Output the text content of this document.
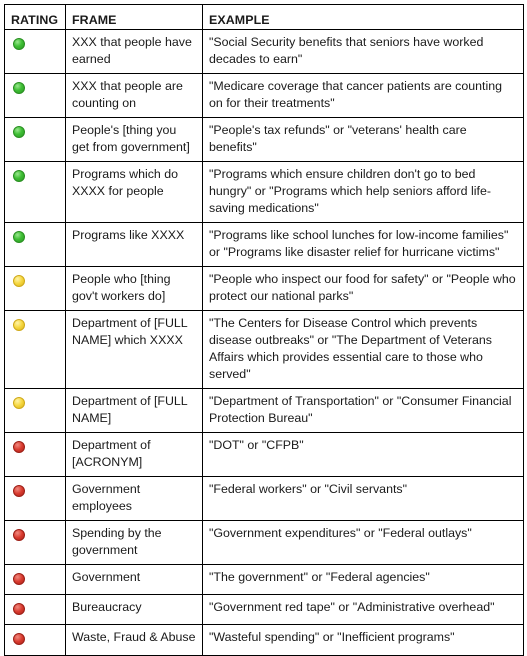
RATING	FRAME	EXAMPLE

	XXX that people have earned	"Social Security benefits that seniors have worked decades to earn"

	XXX that people are counting on	"Medicare coverage that cancer patients are counting on for their treatments"

	People's [thing you get from government]	"People's tax refunds" or "veterans' health care benefits"

	Programs which do XXXX for people	"Programs which ensure children don't go to bed hungry" or "Programs which help seniors afford life-saving medications"

	Programs like XXXX	"Programs like school lunches for low-income families" or "Programs like disaster relief for hurricane victims"

	People who [thing gov't workers do]	"People who inspect our food for safety" or "People who protect our national parks"

	Department of [FULL NAME] which XXXX	"The Centers for Disease Control which prevents disease outbreaks" or "The Department of Veterans Affairs which provides essential care to those who served"

	Department of [FULL NAME]	"Department of Transportation" or "Consumer Financial Protection Bureau"

	Department of [ACRONYM]	"DOT" or "CFPB"

	Government employees	"Federal workers" or "Civil servants"

	Spending by the government	"Government expenditures" or "Federal outlays"

	Government	"The government" or "Federal agencies"

	Bureaucracy	"Government red tape" or "Administrative overhead"

	Waste, Fraud & Abuse	"Wasteful spending" or "Inefficient programs"
